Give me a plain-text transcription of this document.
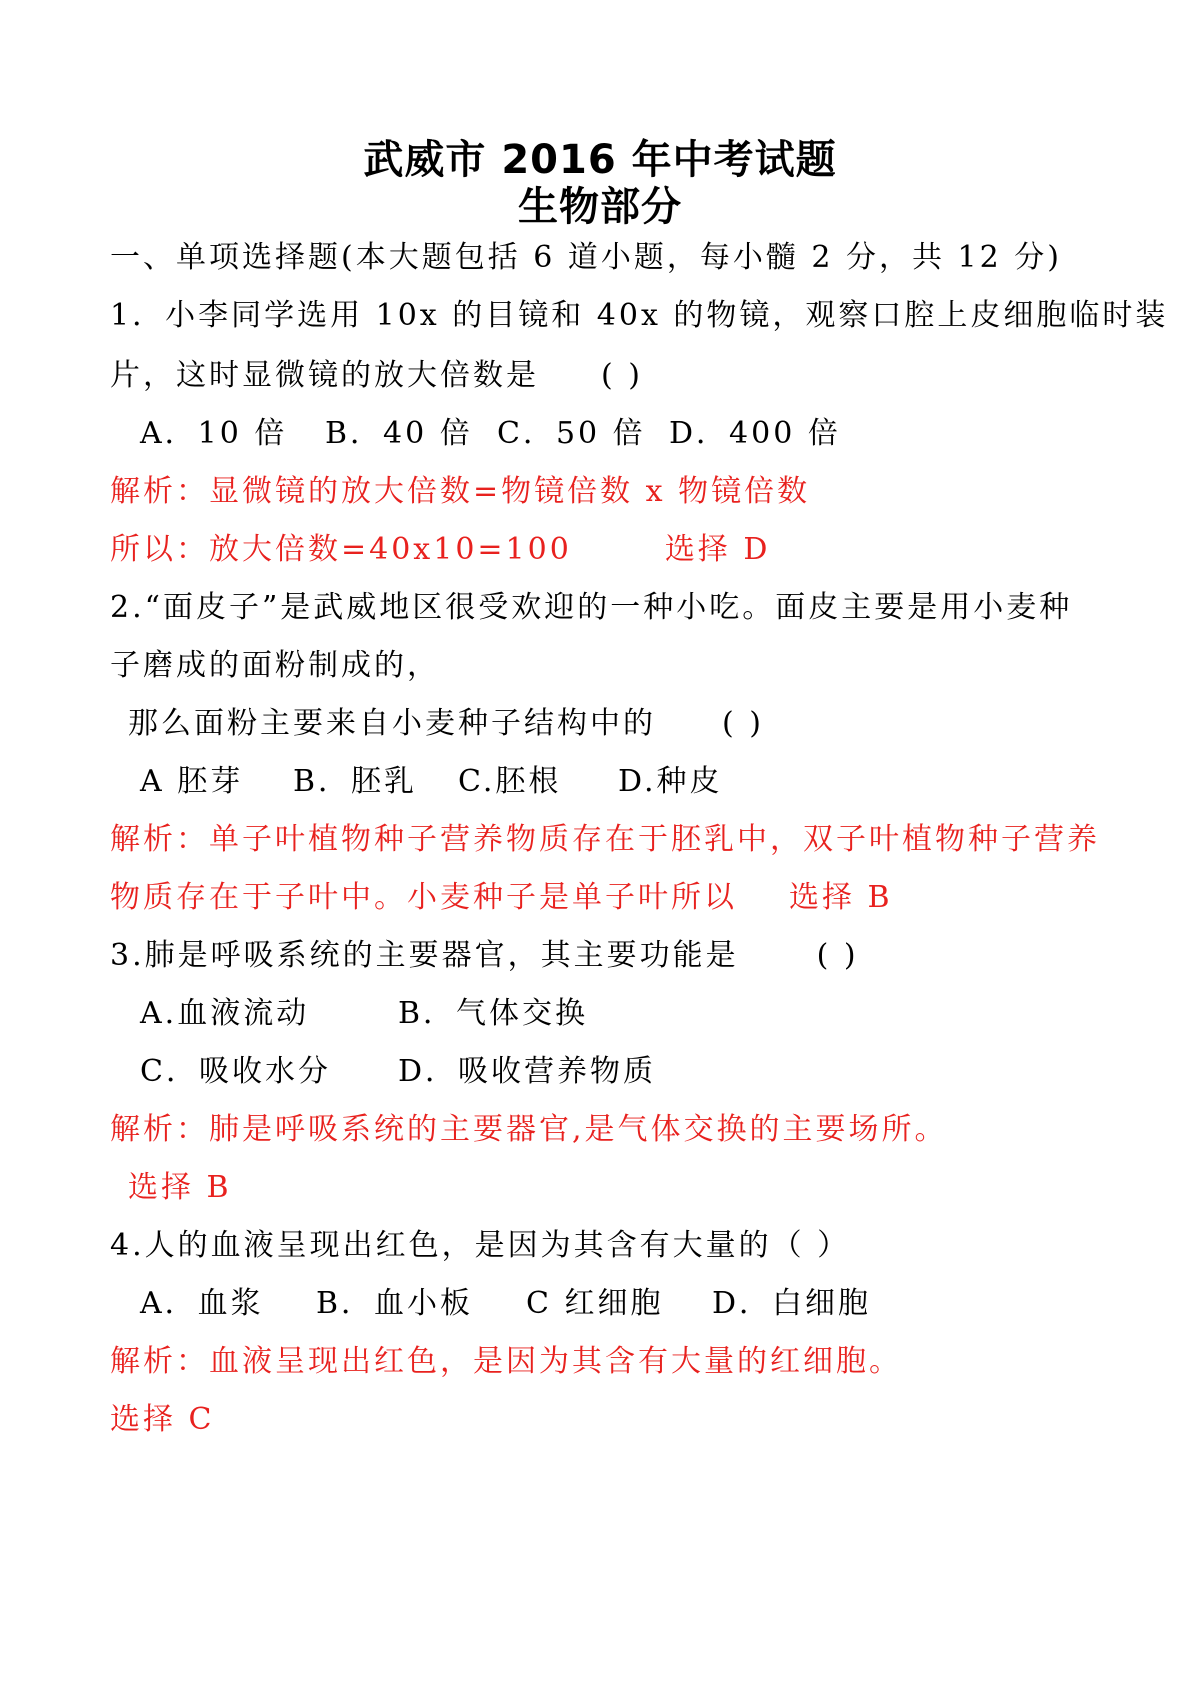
武威市 2016 年中考试题
生物部分
一、单项选择题(本大题包括 6 道小题，每小髓 2 分，共 12 分)
1．小李同学选用 10x 的目镜和 40x 的物镜，观察口腔上皮细胞临时装
片，这时显微镜的放大倍数是 ( )
A．10 倍 B．40 倍 C．50 倍 D．400 倍
解析：显微镜的放大倍数=物镜倍数 x 物镜倍数
所以：放大倍数=40x10=100	选择 D
2.“面皮子”是武威地区很受欢迎的一种小吃。面皮主要是用小麦种
子磨成的面粉制成的，
那么面粉主要来自小麦种子结构中的 ( )
A 胚芽 B．胚乳 C.胚根 D.种皮
解析：单子叶植物种子营养物质存在于胚乳中，双子叶植物种子营养
物质存在于子叶中。小麦种子是单子叶所以 选择 B
3.肺是呼吸系统的主要器官，其主要功能是	( )
A.血液流动	B．气体交换
C．吸收水分 D．吸收营养物质
解析：肺是呼吸系统的主要器官,是气体交换的主要场所。
选择 B
4.人的血液呈现出红色，是因为其含有大量的（ ）
A．血浆 B．血小板 C 红细胞 D．白细胞
解析：血液呈现出红色，是因为其含有大量的红细胞。
选择 C
